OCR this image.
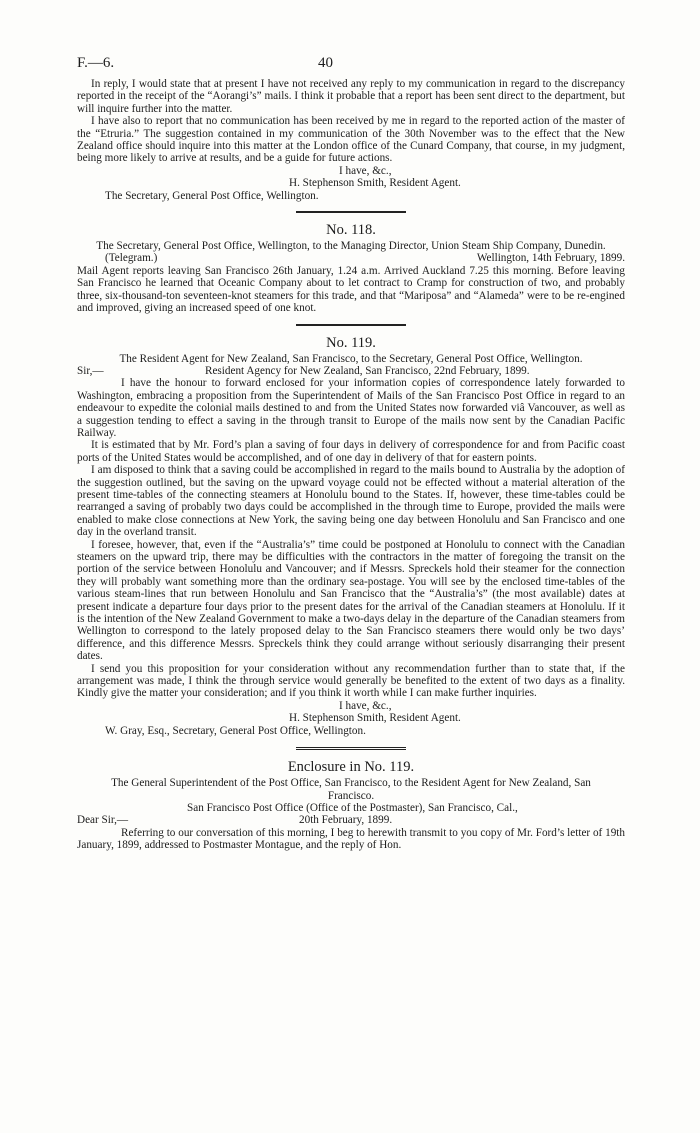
F.—6.	40

In reply, I would state that at present I have not received any reply to my communication in regard to the discrepancy reported in the receipt of the “Aorangi’s” mails. I think it probable that a report has been sent direct to the department, but will inquire further into the matter.

I have also to report that no communication has been received by me in regard to the reported action of the master of the “Etruria.” The suggestion contained in my communication of the 30th November was to the effect that the New Zealand office should inquire into this matter at the London office of the Cunard Company, that course, in my judgment, being more likely to arrive at results, and be a guide for future actions.

I have, &c.,

H. Stephenson Smith, Resident Agent.

The Secretary, General Post Office, Wellington.

No. 118.

The Secretary, General Post Office, Wellington, to the Managing Director, Union Steam Ship Company, Dunedin.

(Telegram.)	Wellington, 14th February, 1899.

Mail Agent reports leaving San Francisco 26th January, 1.24 a.m. Arrived Auckland 7.25 this morning. Before leaving San Francisco he learned that Oceanic Company about to let contract to Cramp for construction of two, and probably three, six-thousand-ton seventeen-knot steamers for this trade, and that “Mariposa” and “Alameda” were to be re-engined and improved, giving an increased speed of one knot.

No. 119.

The Resident Agent for New Zealand, San Francisco, to the Secretary, General Post Office, Wellington.

Sir,—	Resident Agency for New Zealand, San Francisco, 22nd February, 1899.

I have the honour to forward enclosed for your information copies of correspondence lately forwarded to Washington, embracing a proposition from the Superintendent of Mails of the San Francisco Post Office in regard to an endeavour to expedite the colonial mails destined to and from the United States now forwarded viâ Vancouver, as well as a suggestion tending to effect a saving in the through transit to Europe of the mails now sent by the Canadian Pacific Railway.

It is estimated that by Mr. Ford’s plan a saving of four days in delivery of correspondence for and from Pacific coast ports of the United States would be accomplished, and of one day in delivery of that for eastern points.

I am disposed to think that a saving could be accomplished in regard to the mails bound to Australia by the adoption of the suggestion outlined, but the saving on the upward voyage could not be effected without a material alteration of the present time-tables of the connecting steamers at Honolulu bound to the States. If, however, these time-tables could be rearranged a saving of probably two days could be accomplished in the through time to Europe, provided the mails were enabled to make close connections at New York, the saving being one day between Honolulu and San Francisco and one day in the overland transit.

I foresee, however, that, even if the “Australia’s” time could be postponed at Honolulu to connect with the Canadian steamers on the upward trip, there may be difficulties with the contractors in the matter of foregoing the transit on the portion of the service between Honolulu and Vancouver; and if Messrs. Spreckels hold their steamer for the connection they will probably want something more than the ordinary sea-postage. You will see by the enclosed time-tables of the various steam-lines that run between Honolulu and San Francisco that the “Australia’s” (the most available) dates at present indicate a departure four days prior to the present dates for the arrival of the Canadian steamers at Honolulu. If it is the intention of the New Zealand Government to make a two-days delay in the departure of the Canadian steamers from Wellington to correspond to the lately proposed delay to the San Francisco steamers there would only be two days’ difference, and this difference Messrs. Spreckels think they could arrange without seriously disarranging their present dates.

I send you this proposition for your consideration without any recommendation further than to state that, if the arrangement was made, I think the through service would generally be benefited to the extent of two days as a finality. Kindly give the matter your consideration; and if you think it worth while I can make further inquiries.

I have, &c.,

H. Stephenson Smith, Resident Agent.

W. Gray, Esq., Secretary, General Post Office, Wellington.

Enclosure in No. 119.

The General Superintendent of the Post Office, San Francisco, to the Resident Agent for New Zealand, San Francisco.

San Francisco Post Office (Office of the Postmaster), San Francisco, Cal.,

Dear Sir,—	20th February, 1899.

Referring to our conversation of this morning, I beg to herewith transmit to you copy of Mr. Ford’s letter of 19th January, 1899, addressed to Postmaster Montague, and the reply of Hon.
